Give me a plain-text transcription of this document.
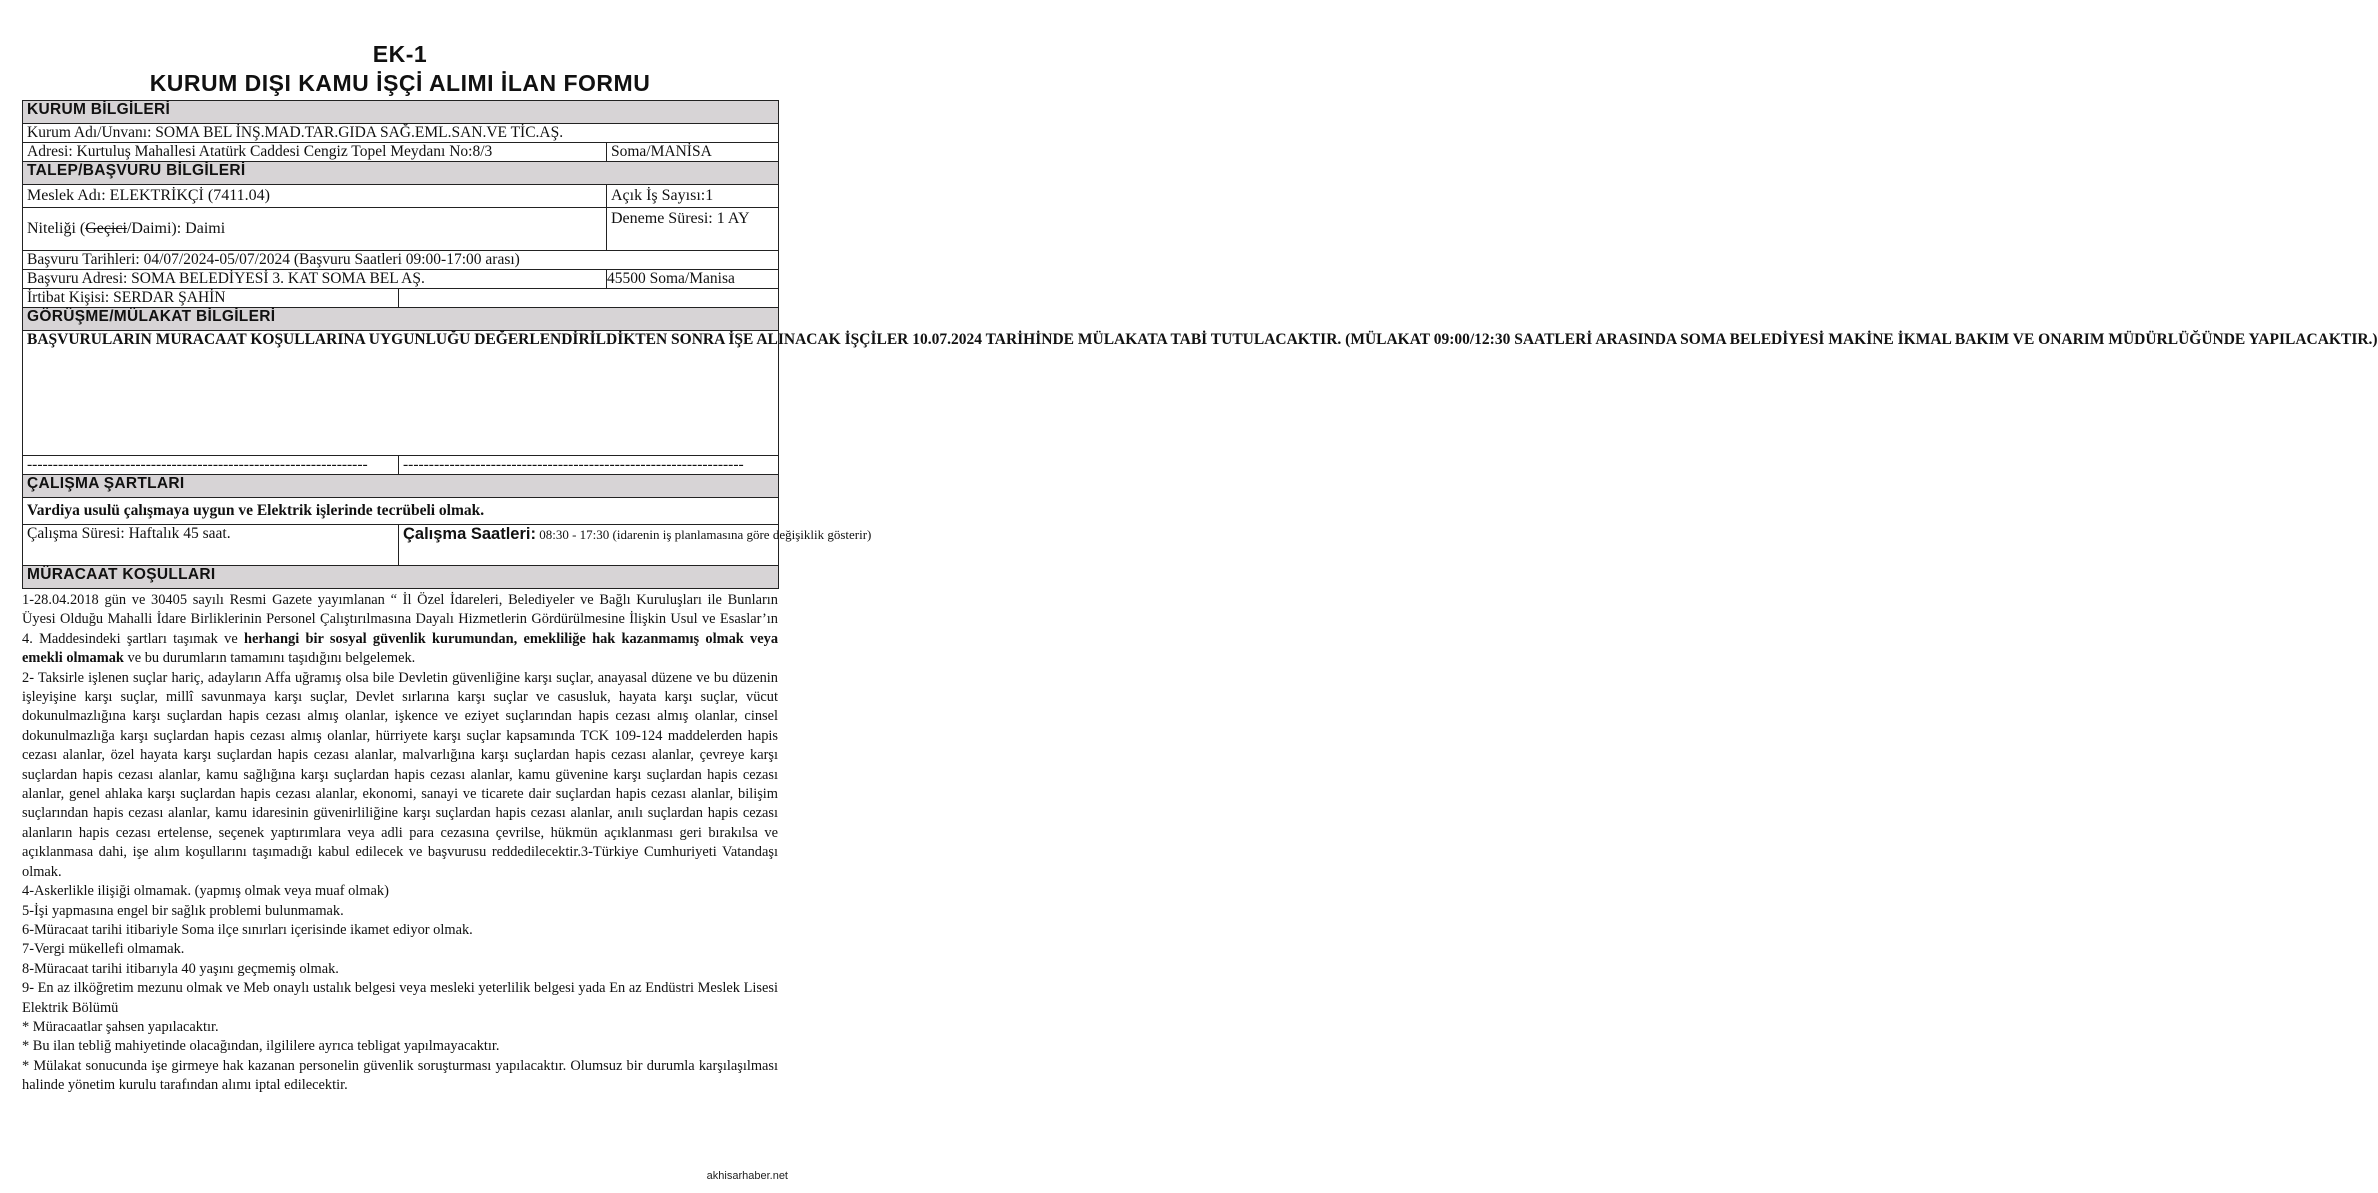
EK-1
KURUM DIŞI KAMU İŞÇİ ALIMI İLAN FORMU
KURUM BİLGİLERİ		
Kurum Adı/Unvanı: SOMA BEL İNŞ.MAD.TAR.GIDA SAĞ.EML.SAN.VE TİC.AŞ.		
Adresi: Kurtuluş Mahallesi Atatürk Caddesi Cengiz Topel Meydanı No:8/3		Soma/MANİSA
TALEP/BAŞVURU BİLGİLERİ		
Meslek Adı: ELEKTRİKÇİ (7411.04)		Açık İş Sayısı:1
Niteliği (Geçici/Daimi): Daimi		Deneme Süresi: 1 AY
Başvuru Tarihleri: 04/07/2024-05/07/2024 (Başvuru Saatleri 09:00-17:00 arası)		
Başvuru Adresi: SOMA BELEDİYESİ 3. KAT SOMA BEL AŞ.		45500 Soma/Manisa
İrtibat Kişisi: SERDAR ŞAHİN		
GÖRÜŞME/MÜLAKAT BİLGİLERİ		
BAŞVURULARIN MURACAAT KOŞULLARINA UYGUNLUĞU DEĞERLENDİRİLDİKTEN SONRA İŞE ALINACAK İŞÇİLER 10.07.2024 TARİHİNDE MÜLAKATA TABİ TUTULACAKTIR. (MÜLAKAT 09:00/12:30 SAATLERİ ARASINDA SOMA BELEDİYESİ MAKİNE İKMAL BAKIM VE ONARIM MÜDÜRLÜĞÜNDE YAPILACAKTIR.)		
------------------------------------------------------------------	------------------------------------------------------------------	
ÇALIŞMA ŞARTLARI		
Vardiya usulü çalışmaya uygun ve Elektrik işlerinde tecrübeli olmak.		
Çalışma Süresi: Haftalık 45 saat.	Çalışma Saatleri: 08:30 - 17:30 (idarenin iş planlamasına göre değişiklik gösterir)	
MÜRACAAT KOŞULLARI		

1-28.04.2018 gün ve 30405 sayılı Resmi Gazete yayımlanan “ İl Özel İdareleri, Belediyeler ve Bağlı Kuruluşları ile Bunların Üyesi Olduğu Mahalli İdare Birliklerinin Personel Çalıştırılmasına Dayalı Hizmetlerin Gördürülmesine İlişkin Usul ve Esaslar’ın 4. Maddesindeki şartları taşımak ve herhangi bir sosyal güvenlik kurumundan, emekliliğe hak kazanmamış olmak veya emekli olmamak ve bu durumların tamamını taşıdığını belgelemek.

2- Taksirle işlenen suçlar hariç, adayların Affa uğramış olsa bile Devletin güvenliğine karşı suçlar, anayasal düzene ve bu düzenin işleyişine karşı suçlar, millî savunmaya karşı suçlar, Devlet sırlarına karşı suçlar ve casusluk, hayata karşı suçlar, vücut dokunulmazlığına karşı suçlardan hapis cezası almış olanlar, işkence ve eziyet suçlarından hapis cezası almış olanlar, cinsel dokunulmazlığa karşı suçlardan hapis cezası almış olanlar, hürriyete karşı suçlar kapsamında TCK 109-124 maddelerden hapis cezası alanlar, özel hayata karşı suçlardan hapis cezası alanlar, malvarlığına karşı suçlardan hapis cezası alanlar, çevreye karşı suçlardan hapis cezası alanlar, kamu sağlığına karşı suçlardan hapis cezası alanlar, kamu güvenine karşı suçlardan hapis cezası alanlar, genel ahlaka karşı suçlardan hapis cezası alanlar, ekonomi, sanayi ve ticarete dair suçlardan hapis cezası alanlar, bilişim suçlarından hapis cezası alanlar, kamu idaresinin güvenirliliğine karşı suçlardan hapis cezası alanlar, anılı suçlardan hapis cezası alanların hapis cezası ertelense, seçenek yaptırımlara veya adli para cezasına çevrilse, hükmün açıklanması geri bırakılsa ve açıklanmasa dahi, işe alım koşullarını taşımadığı kabul edilecek ve başvurusu reddedilecektir.3-Türkiye Cumhuriyeti Vatandaşı olmak.

4-Askerlikle ilişiği olmamak. (yapmış olmak veya muaf olmak)

5-İşi yapmasına engel bir sağlık problemi bulunmamak.

6-Müracaat tarihi itibariyle Soma ilçe sınırları içerisinde ikamet ediyor olmak.

7-Vergi mükellefi olmamak.

8-Müracaat tarihi itibarıyla 40 yaşını geçmemiş olmak.

9- En az ilköğretim mezunu olmak ve Meb onaylı ustalık belgesi veya mesleki yeterlilik belgesi yada En az Endüstri Meslek Lisesi Elektrik Bölümü

* Müracaatlar şahsen yapılacaktır.

* Bu ilan tebliğ mahiyetinde olacağından, ilgililere ayrıca tebligat yapılmayacaktır.

* Mülakat sonucunda işe girmeye hak kazanan personelin güvenlik soruşturması yapılacaktır. Olumsuz bir durumla karşılaşılması halinde yönetim kurulu tarafından alımı iptal edilecektir.

akhisarhaber.net
